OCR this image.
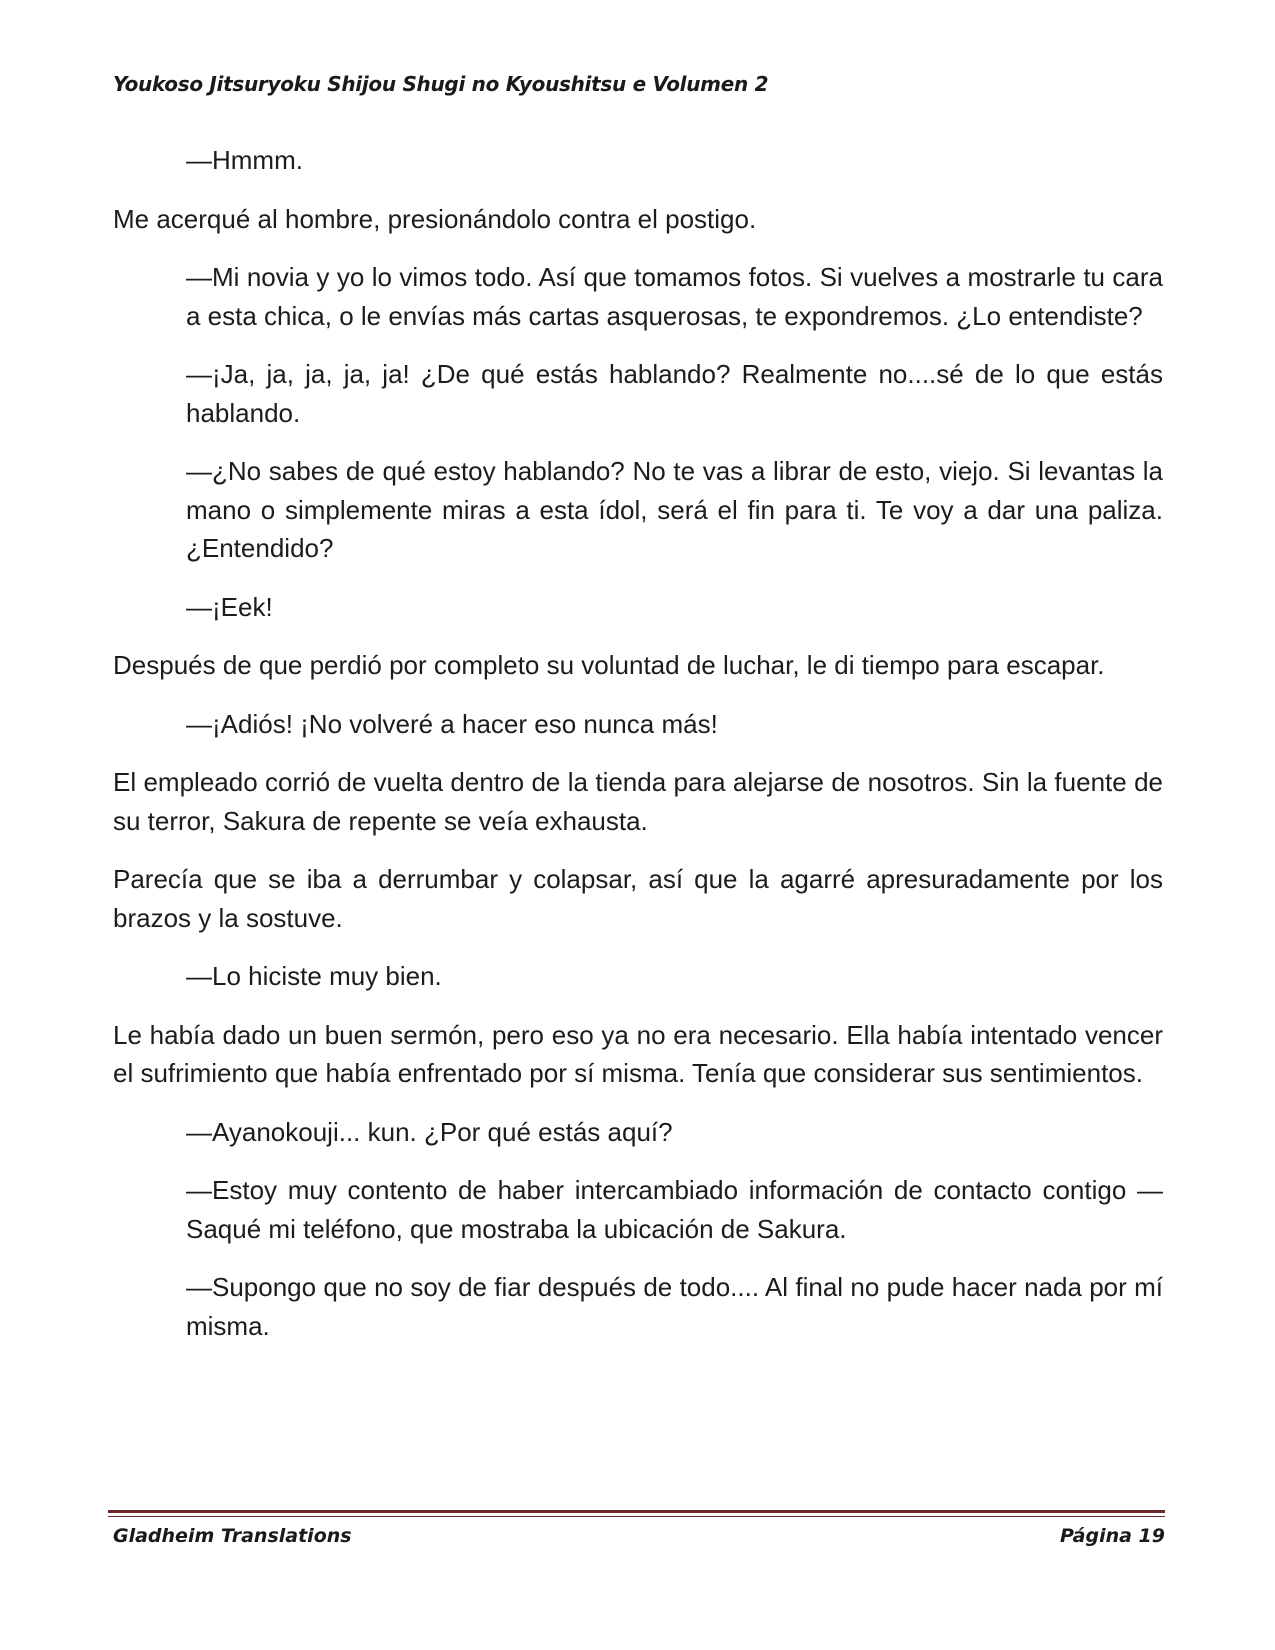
Youkoso Jitsuryoku Shijou Shugi no Kyoushitsu e Volumen 2

—Hmmm.

Me acerqué al hombre, presionándolo contra el postigo.

—Mi novia y yo lo vimos todo. Así que tomamos fotos. Si vuelves a mostrarle tu cara a esta chica, o le envías más cartas asquerosas, te expondremos. ¿Lo entendiste?

—¡Ja, ja, ja, ja, ja! ¿De qué estás hablando? Realmente no....sé de lo que estás hablando.

—¿No sabes de qué estoy hablando? No te vas a librar de esto, viejo. Si levantas la mano o simplemente miras a esta ídol, será el fin para ti. Te voy a dar una paliza. ¿Entendido?

—¡Eek!

Después de que perdió por completo su voluntad de luchar, le di tiempo para escapar.

—¡Adiós! ¡No volveré a hacer eso nunca más!

El empleado corrió de vuelta dentro de la tienda para alejarse de nosotros. Sin la fuente de su terror, Sakura de repente se veía exhausta.

Parecía que se iba a derrumbar y colapsar, así que la agarré apresuradamente por los brazos y la sostuve.

—Lo hiciste muy bien.

Le había dado un buen sermón, pero eso ya no era necesario. Ella había intentado vencer el sufrimiento que había enfrentado por sí misma. Tenía que considerar sus sentimientos.

—Ayanokouji... kun. ¿Por qué estás aquí?

—Estoy muy contento de haber intercambiado información de contacto contigo —Saqué mi teléfono, que mostraba la ubicación de Sakura.

—Supongo que no soy de fiar después de todo.... Al final no pude hacer nada por mí misma.

Gladheim Translations	Página 19
